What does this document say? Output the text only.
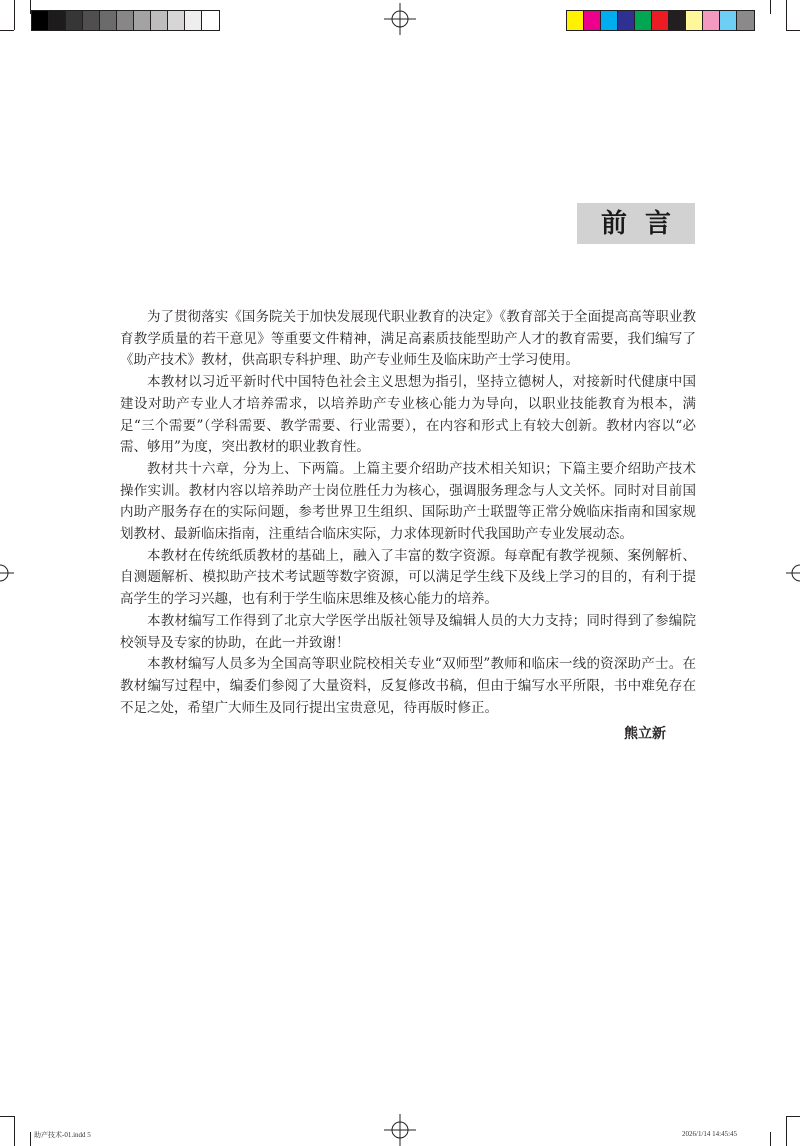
前言

为了贯彻落实《国务院关于加快发展现代职业教育的决定》《教育部关于全面提高高等职业教育教学质量的若干意见》等重要文件精神，满足高素质技能型助产人才的教育需要，我们编写了《助产技术》教材，供高职专科护理、助产专业师生及临床助产士学习使用。

本教材以习近平新时代中国特色社会主义思想为指引，坚持立德树人，对接新时代健康中国建设对助产专业人才培养需求，以培养助产专业核心能力为导向，以职业技能教育为根本，满足“三个需要”（学科需要、教学需要、行业需要），在内容和形式上有较大创新。教材内容以“必需、够用”为度，突出教材的职业教育性。

教材共十六章，分为上、下两篇。上篇主要介绍助产技术相关知识；下篇主要介绍助产技术操作实训。教材内容以培养助产士岗位胜任力为核心，强调服务理念与人文关怀。同时对目前国内助产服务存在的实际问题，参考世界卫生组织、国际助产士联盟等正常分娩临床指南和国家规划教材、最新临床指南，注重结合临床实际，力求体现新时代我国助产专业发展动态。

本教材在传统纸质教材的基础上，融入了丰富的数字资源。每章配有教学视频、案例解析、自测题解析、模拟助产技术考试题等数字资源，可以满足学生线下及线上学习的目的，有利于提高学生的学习兴趣，也有利于学生临床思维及核心能力的培养。

本教材编写工作得到了北京大学医学出版社领导及编辑人员的大力支持；同时得到了参编院校领导及专家的协助，在此一并致谢！

本教材编写人员多为全国高等职业院校相关专业“双师型”教师和临床一线的资深助产士。在教材编写过程中，编委们参阅了大量资料，反复修改书稿，但由于编写水平所限，书中难免存在不足之处，希望广大师生及同行提出宝贵意见，待再版时修正。

熊立新
助产技术-01.indd 5	2026/1/14 14:45:45
